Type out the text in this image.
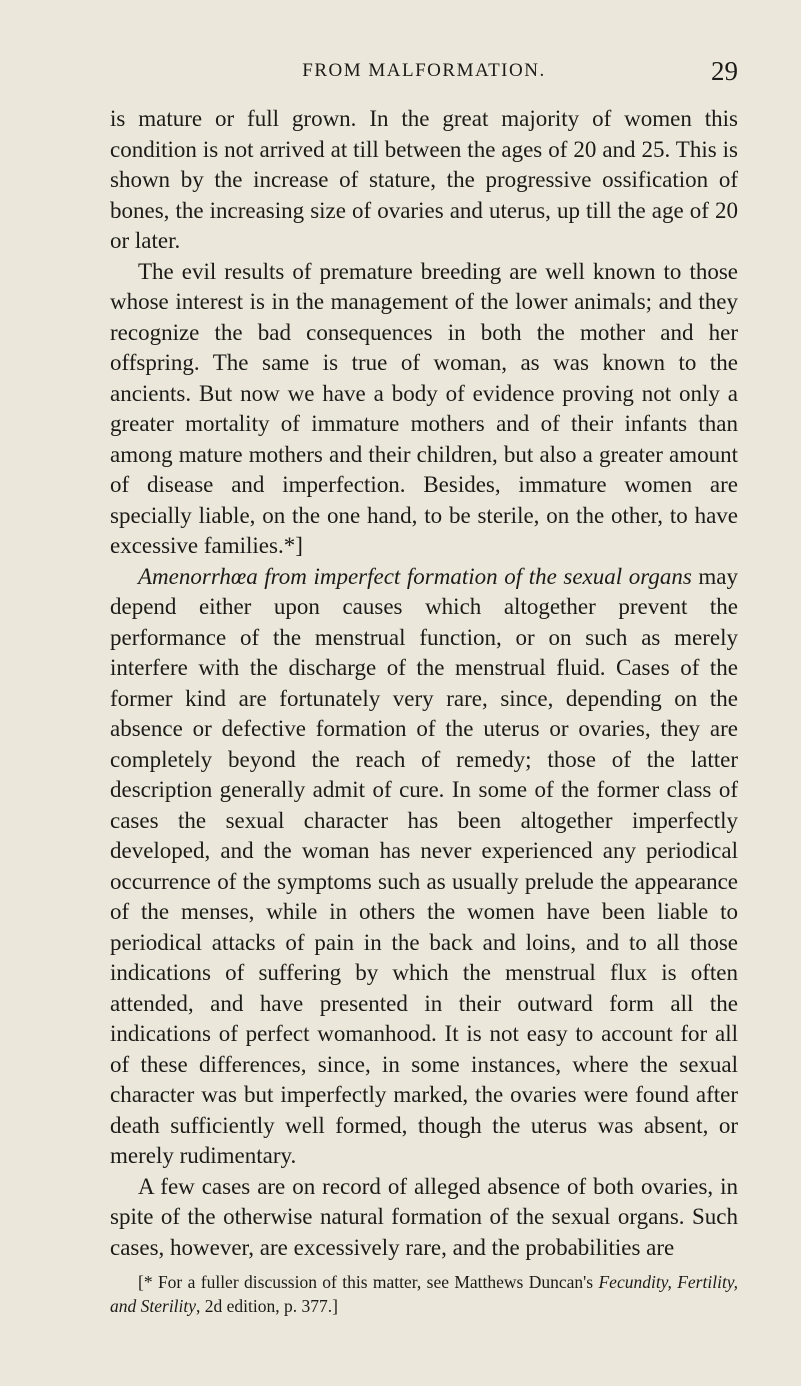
FROM MALFORMATION.	29

is mature or full grown. In the great majority of women this condition is not arrived at till between the ages of 20 and 25. This is shown by the increase of stature, the progressive ossification of bones, the increasing size of ovaries and uterus, up till the age of 20 or later.

The evil results of premature breeding are well known to those whose interest is in the management of the lower animals; and they recognize the bad consequences in both the mother and her offspring. The same is true of woman, as was known to the ancients. But now we have a body of evidence proving not only a greater mortality of immature mothers and of their infants than among mature mothers and their children, but also a greater amount of disease and imperfection. Besides, immature women are specially liable, on the one hand, to be sterile, on the other, to have excessive families.*]

Amenorrhœa from imperfect formation of the sexual organs may depend either upon causes which altogether prevent the performance of the menstrual function, or on such as merely interfere with the discharge of the menstrual fluid. Cases of the former kind are fortunately very rare, since, depending on the absence or defective formation of the uterus or ovaries, they are completely beyond the reach of remedy; those of the latter description generally admit of cure. In some of the former class of cases the sexual character has been altogether imperfectly developed, and the woman has never experienced any periodical occurrence of the symptoms such as usually prelude the appearance of the menses, while in others the women have been liable to periodical attacks of pain in the back and loins, and to all those indications of suffering by which the menstrual flux is often attended, and have presented in their outward form all the indications of perfect womanhood. It is not easy to account for all of these differences, since, in some instances, where the sexual character was but imperfectly marked, the ovaries were found after death sufficiently well formed, though the uterus was absent, or merely rudimentary.

A few cases are on record of alleged absence of both ovaries, in spite of the otherwise natural formation of the sexual organs. Such cases, however, are excessively rare, and the probabilities are

[* For a fuller discussion of this matter, see Matthews Duncan's Fecundity, Fertility, and Sterility, 2d edition, p. 377.]
